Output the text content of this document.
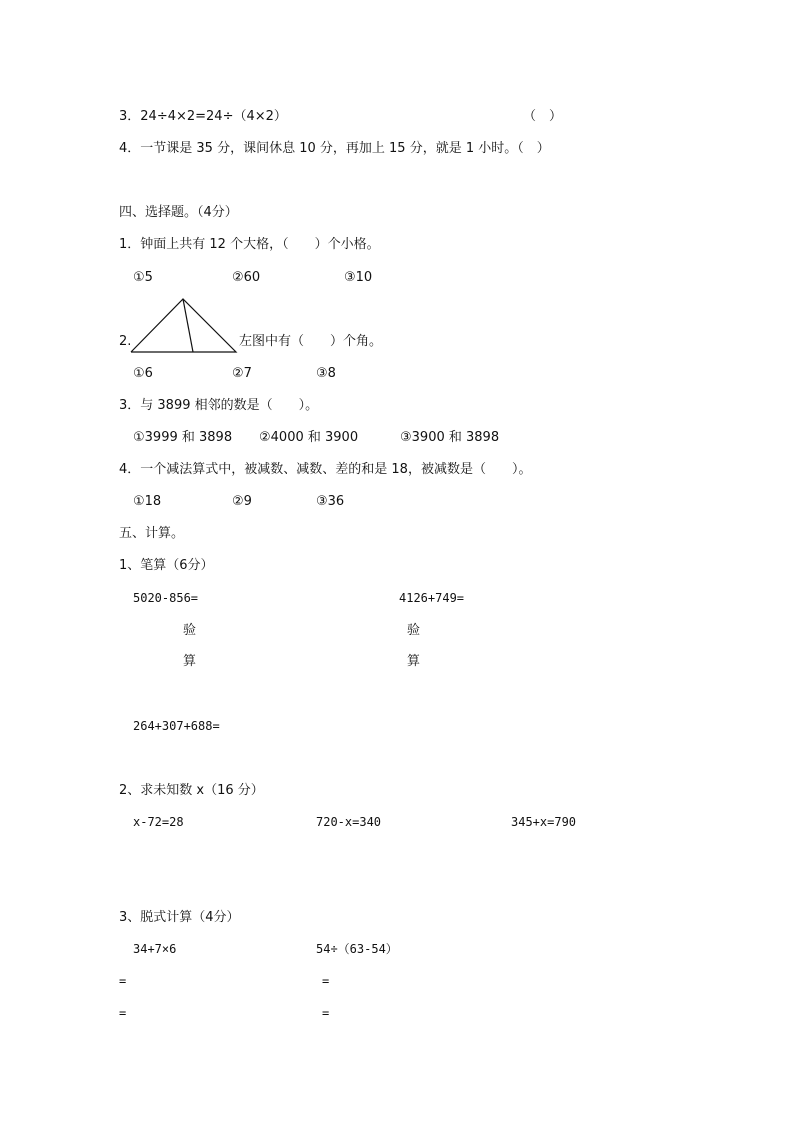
3．24÷4×2=24÷（4×2）	（　）
4．一节课是 35 分，课间休息 10 分，再加上 15 分，就是 1 小时。（　）
四、选择题。（4分）
1．钟面上共有 12 个大格，（　　）个小格。
①5	②60	③10
2.	左图中有（　　）个角。
①6	②7	③8
3．与 3899 相邻的数是（　　）。
①3999 和 3898 ②4000 和 3900	③3900 和 3898
4．一个减法算式中，被减数、减数、差的和是 18，被减数是（　　）。
①18	②9	③36
五、计算。
1、笔算（6分）
5020-856=	4126+749=
验
算
验
算
264+307+688=
2、求未知数 x（16 分）
x-72=28	720-x=340	345+x=790
3、脱式计算（4分）
34+7×6	54÷（63-54）
=	=
=	=
